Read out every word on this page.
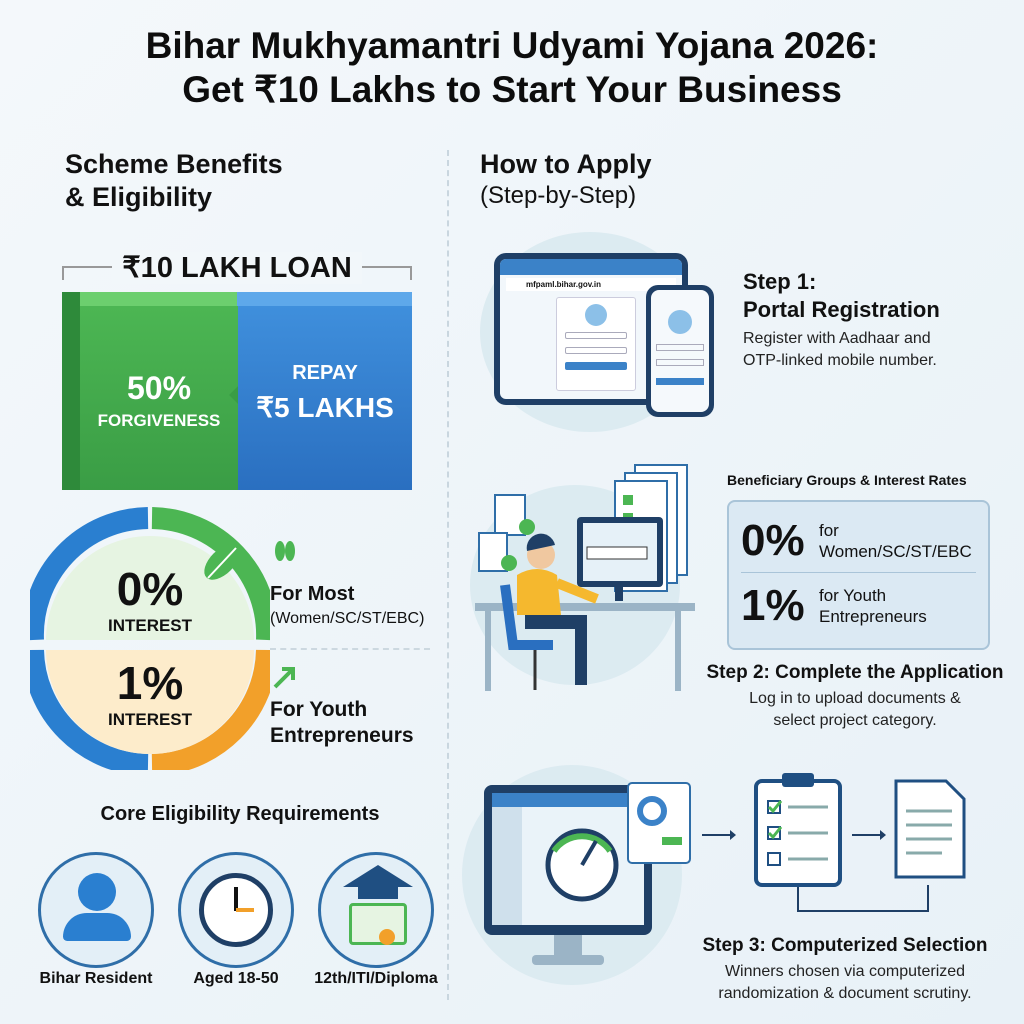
Bihar Mukhyamantri Udyami Yojana 2026:
Get ₹10 Lakhs to Start Your Business
Scheme Benefits
& Eligibility
₹10 LAKH LOAN
50%
FORGIVENESS
REPAY
₹5 LAKHS
0%
INTEREST
1%
INTEREST
For Most
(Women/SC/ST/EBC)
For Youth
Entrepreneurs
Core Eligibility Requirements
Bihar Resident	Aged 18-50	12th/ITI/Diploma
How to Apply
(Step-by-Step)
mfpaml.bihar.gov.in	Step 1:
Portal Registration
Register with Aadhaar and
OTP-linked mobile number.
Beneficiary Groups & Interest Rates
0% for
Women/SC/ST/EBC
1% for Youth
Entrepreneurs
Step 2: Complete the Application
Log in to upload documents &
select project category.
Step 3: Computerized Selection
Winners chosen via computerized
randomization & document scrutiny.
